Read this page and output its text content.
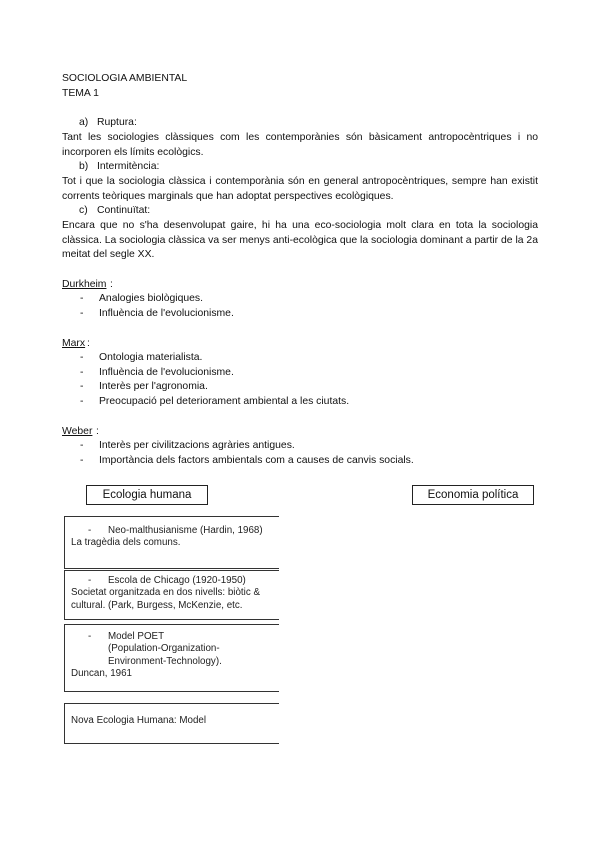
SOCIOLOGIA AMBIENTAL
TEMA 1
a) Ruptura:
Tant les sociologies clàssiques com les contemporànies són bàsicament antropocèntriques i no incorporen els límits ecològics.
b) Intermitència:
Tot i que la sociologia clàssica i contemporània són en general antropocèntriques, sempre han existit corrents teòriques marginals que han adoptat perspectives ecològiques.
c) Continuïtat:
Encara que no s'ha desenvolupat gaire, hi ha una eco-sociologia molt clara en tota la sociologia clàssica. La sociologia clàssica va ser menys anti-ecològica que la sociologia dominant a partir de la 2a meitat del segle XX.
Durkheim :
- Analogies biològiques.
- Influència de l'evolucionisme.
Marx :
- Ontologia materialista.
- Influència de l'evolucionisme.
- Interès per l'agronomia.
- Preocupació pel deteriorament ambiental a les ciutats.
Weber :
- Interès per civilitzacions agràries antigues.
- Importància dels factors ambientals com a causes de canvis socials.
Ecologia humana	Economia política
- Neo-malthusianisme (Hardin, 1968)
La tragèdia dels comuns.
- Escola de Chicago (1920-1950)
Societat organitzada en dos nivells: biòtic &
cultural. (Park, Burgess, McKenzie, etc.
- Model POET
(Population-Organization-
Environment-Technology).
Duncan, 1961
Nova Ecologia Humana: Model
